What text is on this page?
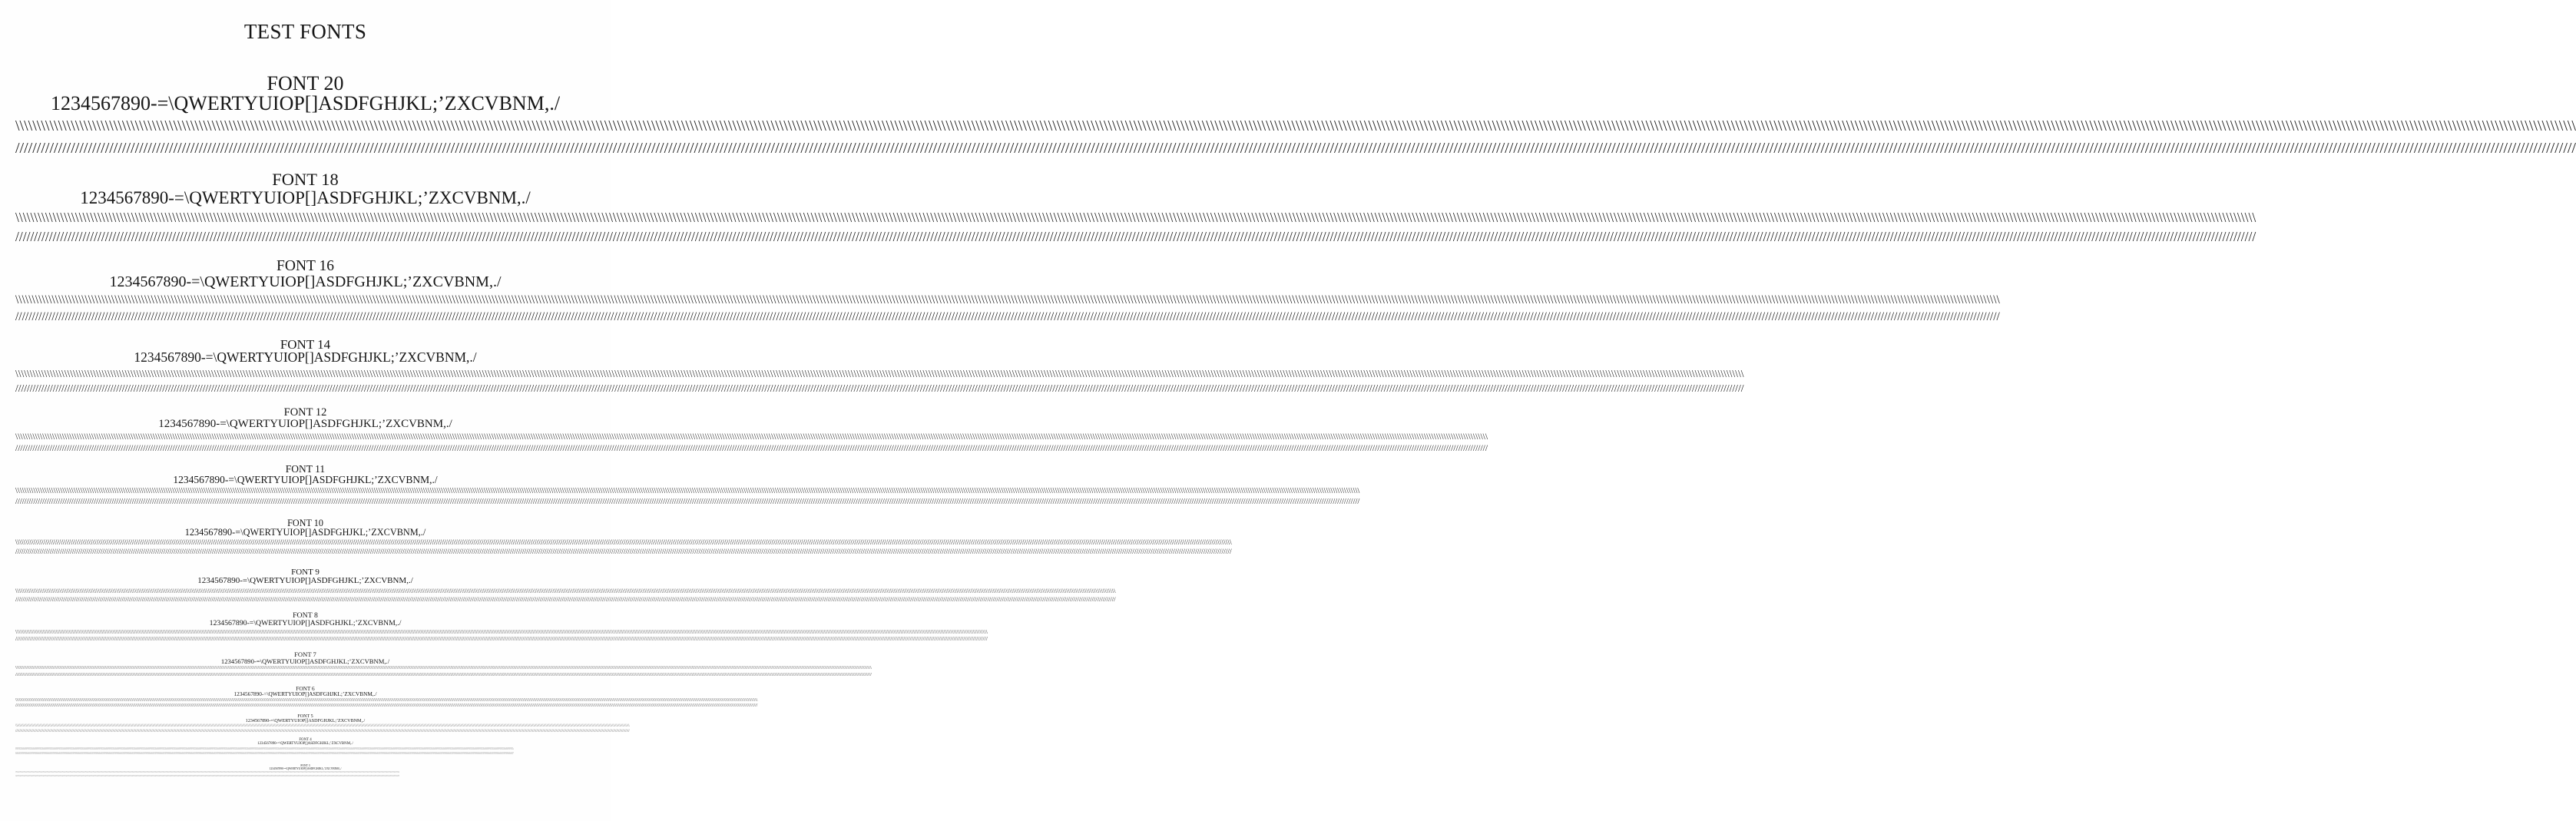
TEST FONTS
FONT 20
1234567890-=\QWERTYUIOP[]ASDFGHJKL;’ZXCVBNM,./
\\\\\\\\\\\\\\\\\\\\\\\\\\\\\\\\\\\\\\\\\\\\\\\\\\\\\\\\\\\\\\\\\\\\\\\\\\\\\\\\\\\\\\\\\\\\\\\\\\\\\\\\\\\\\\\\\\\\\\\\\\\\\\\\\\\\\\\\\\\\\\\\\\\\\\\\\\\\\\\\\\\\\\\\\\\\\\\\\\\\\\\\\\\\\\\\\\\\\\\\\\\\\\\\\\\\\\\\\\\\\\\\\\\\\\\\\\\\\\\\\\\\\\\\\\\\\\\\\\\\\\\\\\\\\\\\\\\\\\\\\\\\\\\\\\\\\\\\\\\\\\\\\\\\\\\\\\\\\\\\\\\\\\\\\\\\\\\\\\\\\\\\\\\\\\\\\\\\\\\\\\\\\\\\\\\\\\\\\\\\\\\\\\\\\\\\\\\\\\\\\\\\\\\\\\\\\\\\\\\\\\\\\\\\\\\\\\\\\\\\\\\\\\\\\\\\\\\\\\\\\\\\\\\\\\\\\\\\\\\\\\\\\\\\\\\\\\\\\\\\\\\\\\\\\\\\\\\\\\\\\\\\\\\\\\\\\\\\\\\\\\\\\\\\\\\\\\\\\\\\\\\\\\\\\\\\\\\\\\\\\\\\\\\\\\\\\\\\\\\\
////////////////////////////////////////////////////////////////////////////////////////////////////////////////////////////////////////////////////////////////////////////////////////////////////////////////////////////////////////////////////////////////////////////////////////////////////////////////////////////////////////////////////////////////////////////////////////////////////////////////////////////////////////////////////////////////////////////////////////////////////////////////////////////////////////////////////////////////////////////////////////////////////////////////////////
FONT 18
1234567890-=\QWERTYUIOP[]ASDFGHJKL;’ZXCVBNM,./
\\\\\\\\\\\\\\\\\\\\\\\\\\\\\\\\\\\\\\\\\\\\\\\\\\\\\\\\\\\\\\\\\\\\\\\\\\\\\\\\\\\\\\\\\\\\\\\\\\\\\\\\\\\\\\\\\\\\\\\\\\\\\\\\\\\\\\\\\\\\\\\\\\\\\\\\\\\\\\\\\\\\\\\\\\\\\\\\\\\\\\\\\\\\\\\\\\\\\\\\\\\\\\\\\\\\\\\\\\\\\\\\\\\\\\\\\\\\\\\\\\\\\\\\\\\\\\\\\\\\\\\\\\\\\\\\\\\\\\\\\\\\\\\\\\\\\\\\\\\\\\\\\\\\\\\\\\\\\\\\\\\\\\\\\\\\\\\\\\\\\\\\\\\\\\\\\\\\\\\\\\\\\\\\\\\\\\\\\\\\\\\\\\\\\\\\\\\\\\\\\\\\\\\\\\\\\\\\\\\\\\\\\\\\\\\\\\\\\\\\\\\\\\\\\\\\\\\\\\\\\\\\\\\\\\\\\\\\\\\\\\\\\\\\\\\\\\\\\\\\\\\\\\\\\\\\\\\\\\\\\\\\\\\\\\\\\\\\\\\\\\\\\\\\\\\\\\\\\\\\\\\\\\\\\\\\\\\\\\\\\\\\\\\\\\\\\\\\\\\\
////////////////////////////////////////////////////////////////////////////////////////////////////////////////////////////////////////////////////////////////////////////////////////////////////////////////////////////////////////////////////////////////////////////////////////////////////////////////////////////////////////////////////////////////////////////////////////////////////////////////////////////////////////////////////////////////////////////////////////////////////////////////////////////////////////////////////////////////////////////////////////////////////////////////////////
FONT 16
1234567890-=\QWERTYUIOP[]ASDFGHJKL;’ZXCVBNM,./
\\\\\\\\\\\\\\\\\\\\\\\\\\\\\\\\\\\\\\\\\\\\\\\\\\\\\\\\\\\\\\\\\\\\\\\\\\\\\\\\\\\\\\\\\\\\\\\\\\\\\\\\\\\\\\\\\\\\\\\\\\\\\\\\\\\\\\\\\\\\\\\\\\\\\\\\\\\\\\\\\\\\\\\\\\\\\\\\\\\\\\\\\\\\\\\\\\\\\\\\\\\\\\\\\\\\\\\\\\\\\\\\\\\\\\\\\\\\\\\\\\\\\\\\\\\\\\\\\\\\\\\\\\\\\\\\\\\\\\\\\\\\\\\\\\\\\\\\\\\\\\\\\\\\\\\\\\\\\\\\\\\\\\\\\\\\\\\\\\\\\\\\\\\\\\\\\\\\\\\\\\\\\\\\\\\\\\\\\\\\\\\\\\\\\\\\\\\\\\\\\\\\\\\\\\\\\\\\\\\\\\\\\\\\\\\\\\\\\\\\\\\\\\\\\\\\\\\\\\\\\\\\\\\\\\\\\\\\\\\\\\\\\\\\\\\\\\\\\\\\\\\\\\\\\\\\\\\\\\\\\\\\\\\\\\\\\\\\\\\\\\\\\\\\\\\\\\\\\\\\\\\\\\\\\\\\\\\\\\\\\\\\\\\\\\\\\\\\\\\\
////////////////////////////////////////////////////////////////////////////////////////////////////////////////////////////////////////////////////////////////////////////////////////////////////////////////////////////////////////////////////////////////////////////////////////////////////////////////////////////////////////////////////////////////////////////////////////////////////////////////////////////////////////////////////////////////////////////////////////////////////////////////////////////////////////////////////////////////////////////////////////////////////////////////////////
FONT 14
1234567890-=\QWERTYUIOP[]ASDFGHJKL;’ZXCVBNM,./
\\\\\\\\\\\\\\\\\\\\\\\\\\\\\\\\\\\\\\\\\\\\\\\\\\\\\\\\\\\\\\\\\\\\\\\\\\\\\\\\\\\\\\\\\\\\\\\\\\\\\\\\\\\\\\\\\\\\\\\\\\\\\\\\\\\\\\\\\\\\\\\\\\\\\\\\\\\\\\\\\\\\\\\\\\\\\\\\\\\\\\\\\\\\\\\\\\\\\\\\\\\\\\\\\\\\\\\\\\\\\\\\\\\\\\\\\\\\\\\\\\\\\\\\\\\\\\\\\\\\\\\\\\\\\\\\\\\\\\\\\\\\\\\\\\\\\\\\\\\\\\\\\\\\\\\\\\\\\\\\\\\\\\\\\\\\\\\\\\\\\\\\\\\\\\\\\\\\\\\\\\\\\\\\\\\\\\\\\\\\\\\\\\\\\\\\\\\\\\\\\\\\\\\\\\\\\\\\\\\\\\\\\\\\\\\\\\\\\\\\\\\\\\\\\\\\\\\\\\\\\\\\\\\\\\\\\\\\\\\\\\\\\\\\\\\\\\\\\\\\\\\\\\\\\\\\\\\\\\\\\\\\\\\\\\\\\\\\\\\\\\\\\\\\\\\\\\\\\\\\\\\\\\\\\\\\\\\\\\\\\\\\\\\\\\\\\\\\\\\\
////////////////////////////////////////////////////////////////////////////////////////////////////////////////////////////////////////////////////////////////////////////////////////////////////////////////////////////////////////////////////////////////////////////////////////////////////////////////////////////////////////////////////////////////////////////////////////////////////////////////////////////////////////////////////////////////////////////////////////////////////////////////////////////////////////////////////////////////////////////////////////////////////////////////////////
FONT 12
1234567890-=\QWERTYUIOP[]ASDFGHJKL;’ZXCVBNM,./
\\\\\\\\\\\\\\\\\\\\\\\\\\\\\\\\\\\\\\\\\\\\\\\\\\\\\\\\\\\\\\\\\\\\\\\\\\\\\\\\\\\\\\\\\\\\\\\\\\\\\\\\\\\\\\\\\\\\\\\\\\\\\\\\\\\\\\\\\\\\\\\\\\\\\\\\\\\\\\\\\\\\\\\\\\\\\\\\\\\\\\\\\\\\\\\\\\\\\\\\\\\\\\\\\\\\\\\\\\\\\\\\\\\\\\\\\\\\\\\\\\\\\\\\\\\\\\\\\\\\\\\\\\\\\\\\\\\\\\\\\\\\\\\\\\\\\\\\\\\\\\\\\\\\\\\\\\\\\\\\\\\\\\\\\\\\\\\\\\\\\\\\\\\\\\\\\\\\\\\\\\\\\\\\\\\\\\\\\\\\\\\\\\\\\\\\\\\\\\\\\\\\\\\\\\\\\\\\\\\\\\\\\\\\\\\\\\\\\\\\\\\\\\\\\\\\\\\\\\\\\\\\\\\\\\\\\\\\\\\\\\\\\\\\\\\\\\\\\\\\\\\\\\\\\\\\\\\\\\\\\\\\\\\\\\\\\\\\\\\\\\\\\\\\\\\\\\\\\\\\\\\\\\\\\\\\\\\\\\\\\\\\\\\\\\\\\\\\\\\\
////////////////////////////////////////////////////////////////////////////////////////////////////////////////////////////////////////////////////////////////////////////////////////////////////////////////////////////////////////////////////////////////////////////////////////////////////////////////////////////////////////////////////////////////////////////////////////////////////////////////////////////////////////////////////////////////////////////////////////////////////////////////////////////////////////////////////////////////////////////////////////////////////////////////////////
FONT 11
1234567890-=\QWERTYUIOP[]ASDFGHJKL;’ZXCVBNM,./
\\\\\\\\\\\\\\\\\\\\\\\\\\\\\\\\\\\\\\\\\\\\\\\\\\\\\\\\\\\\\\\\\\\\\\\\\\\\\\\\\\\\\\\\\\\\\\\\\\\\\\\\\\\\\\\\\\\\\\\\\\\\\\\\\\\\\\\\\\\\\\\\\\\\\\\\\\\\\\\\\\\\\\\\\\\\\\\\\\\\\\\\\\\\\\\\\\\\\\\\\\\\\\\\\\\\\\\\\\\\\\\\\\\\\\\\\\\\\\\\\\\\\\\\\\\\\\\\\\\\\\\\\\\\\\\\\\\\\\\\\\\\\\\\\\\\\\\\\\\\\\\\\\\\\\\\\\\\\\\\\\\\\\\\\\\\\\\\\\\\\\\\\\\\\\\\\\\\\\\\\\\\\\\\\\\\\\\\\\\\\\\\\\\\\\\\\\\\\\\\\\\\\\\\\\\\\\\\\\\\\\\\\\\\\\\\\\\\\\\\\\\\\\\\\\\\\\\\\\\\\\\\\\\\\\\\\\\\\\\\\\\\\\\\\\\\\\\\\\\\\\\\\\\\\\\\\\\\\\\\\\\\\\\\\\\\\\\\\\\\\\\\\\\\\\\\\\\\\\\\\\\\\\\\\\\\\\\\\\\\\\\\\\\\\\\\\\\\\\\\
////////////////////////////////////////////////////////////////////////////////////////////////////////////////////////////////////////////////////////////////////////////////////////////////////////////////////////////////////////////////////////////////////////////////////////////////////////////////////////////////////////////////////////////////////////////////////////////////////////////////////////////////////////////////////////////////////////////////////////////////////////////////////////////////////////////////////////////////////////////////////////////////////////////////////////
FONT 10
1234567890-=\QWERTYUIOP[]ASDFGHJKL;’ZXCVBNM,./
\\\\\\\\\\\\\\\\\\\\\\\\\\\\\\\\\\\\\\\\\\\\\\\\\\\\\\\\\\\\\\\\\\\\\\\\\\\\\\\\\\\\\\\\\\\\\\\\\\\\\\\\\\\\\\\\\\\\\\\\\\\\\\\\\\\\\\\\\\\\\\\\\\\\\\\\\\\\\\\\\\\\\\\\\\\\\\\\\\\\\\\\\\\\\\\\\\\\\\\\\\\\\\\\\\\\\\\\\\\\\\\\\\\\\\\\\\\\\\\\\\\\\\\\\\\\\\\\\\\\\\\\\\\\\\\\\\\\\\\\\\\\\\\\\\\\\\\\\\\\\\\\\\\\\\\\\\\\\\\\\\\\\\\\\\\\\\\\\\\\\\\\\\\\\\\\\\\\\\\\\\\\\\\\\\\\\\\\\\\\\\\\\\\\\\\\\\\\\\\\\\\\\\\\\\\\\\\\\\\\\\\\\\\\\\\\\\\\\\\\\\\\\\\\\\\\\\\\\\\\\\\\\\\\\\\\\\\\\\\\\\\\\\\\\\\\\\\\\\\\\\\\\\\\\\\\\\\\\\\\\\\\\\\\\\\\\\\\\\\\\\\\\\\\\\\\\\\\\\\\\\\\\\\\\\\\\\\\\\\\\\\\\\\\\\\\\\\\\\\\
////////////////////////////////////////////////////////////////////////////////////////////////////////////////////////////////////////////////////////////////////////////////////////////////////////////////////////////////////////////////////////////////////////////////////////////////////////////////////////////////////////////////////////////////////////////////////////////////////////////////////////////////////////////////////////////////////////////////////////////////////////////////////////////////////////////////////////////////////////////////////////////////////////////////////////
FONT 9
1234567890-=\QWERTYUIOP[]ASDFGHJKL;’ZXCVBNM,./
\\\\\\\\\\\\\\\\\\\\\\\\\\\\\\\\\\\\\\\\\\\\\\\\\\\\\\\\\\\\\\\\\\\\\\\\\\\\\\\\\\\\\\\\\\\\\\\\\\\\\\\\\\\\\\\\\\\\\\\\\\\\\\\\\\\\\\\\\\\\\\\\\\\\\\\\\\\\\\\\\\\\\\\\\\\\\\\\\\\\\\\\\\\\\\\\\\\\\\\\\\\\\\\\\\\\\\\\\\\\\\\\\\\\\\\\\\\\\\\\\\\\\\\\\\\\\\\\\\\\\\\\\\\\\\\\\\\\\\\\\\\\\\\\\\\\\\\\\\\\\\\\\\\\\\\\\\\\\\\\\\\\\\\\\\\\\\\\\\\\\\\\\\\\\\\\\\\\\\\\\\\\\\\\\\\\\\\\\\\\\\\\\\\\\\\\\\\\\\\\\\\\\\\\\\\\\\\\\\\\\\\\\\\\\\\\\\\\\\\\\\\\\\\\\\\\\\\\\\\\\\\\\\\\\\\\\\\\\\\\\\\\\\\\\\\\\\\\\\\\\\\\\\\\\\\\\\\\\\\\\\\\\\\\\\\\\\\\\\\\\\\\\\\\\\\\\\\\\\\\\\\\\\\\\\\\\\\\\\\\\\\\\\\\\\\\\\\\\\\\
////////////////////////////////////////////////////////////////////////////////////////////////////////////////////////////////////////////////////////////////////////////////////////////////////////////////////////////////////////////////////////////////////////////////////////////////////////////////////////////////////////////////////////////////////////////////////////////////////////////////////////////////////////////////////////////////////////////////////////////////////////////////////////////////////////////////////////////////////////////////////////////////////////////////////////
FONT 8
1234567890-=\QWERTYUIOP[]ASDFGHJKL;’ZXCVBNM,./
\\\\\\\\\\\\\\\\\\\\\\\\\\\\\\\\\\\\\\\\\\\\\\\\\\\\\\\\\\\\\\\\\\\\\\\\\\\\\\\\\\\\\\\\\\\\\\\\\\\\\\\\\\\\\\\\\\\\\\\\\\\\\\\\\\\\\\\\\\\\\\\\\\\\\\\\\\\\\\\\\\\\\\\\\\\\\\\\\\\\\\\\\\\\\\\\\\\\\\\\\\\\\\\\\\\\\\\\\\\\\\\\\\\\\\\\\\\\\\\\\\\\\\\\\\\\\\\\\\\\\\\\\\\\\\\\\\\\\\\\\\\\\\\\\\\\\\\\\\\\\\\\\\\\\\\\\\\\\\\\\\\\\\\\\\\\\\\\\\\\\\\\\\\\\\\\\\\\\\\\\\\\\\\\\\\\\\\\\\\\\\\\\\\\\\\\\\\\\\\\\\\\\\\\\\\\\\\\\\\\\\\\\\\\\\\\\\\\\\\\\\\\\\\\\\\\\\\\\\\\\\\\\\\\\\\\\\\\\\\\\\\\\\\\\\\\\\\\\\\\\\\\\\\\\\\\\\\\\\\\\\\\\\\\\\\\\\\\\\\\\\\\\\\\\\\\\\\\\\\\\\\\\\\\\\\\\\\\\\\\\\\\\\\\\\\\\\\\\\\\
////////////////////////////////////////////////////////////////////////////////////////////////////////////////////////////////////////////////////////////////////////////////////////////////////////////////////////////////////////////////////////////////////////////////////////////////////////////////////////////////////////////////////////////////////////////////////////////////////////////////////////////////////////////////////////////////////////////////////////////////////////////////////////////////////////////////////////////////////////////////////////////////////////////////////////
FONT 7
1234567890-=\QWERTYUIOP[]ASDFGHJKL;’ZXCVBNM,./
\\\\\\\\\\\\\\\\\\\\\\\\\\\\\\\\\\\\\\\\\\\\\\\\\\\\\\\\\\\\\\\\\\\\\\\\\\\\\\\\\\\\\\\\\\\\\\\\\\\\\\\\\\\\\\\\\\\\\\\\\\\\\\\\\\\\\\\\\\\\\\\\\\\\\\\\\\\\\\\\\\\\\\\\\\\\\\\\\\\\\\\\\\\\\\\\\\\\\\\\\\\\\\\\\\\\\\\\\\\\\\\\\\\\\\\\\\\\\\\\\\\\\\\\\\\\\\\\\\\\\\\\\\\\\\\\\\\\\\\\\\\\\\\\\\\\\\\\\\\\\\\\\\\\\\\\\\\\\\\\\\\\\\\\\\\\\\\\\\\\\\\\\\\\\\\\\\\\\\\\\\\\\\\\\\\\\\\\\\\\\\\\\\\\\\\\\\\\\\\\\\\\\\\\\\\\\\\\\\\\\\\\\\\\\\\\\\\\\\\\\\\\\\\\\\\\\\\\\\\\\\\\\\\\\\\\\\\\\\\\\\\\\\\\\\\\\\\\\\\\\\\\\\\\\\\\\\\\\\\\\\\\\\\\\\\\\\\\\\\\\\\\\\\\\\\\\\\\\\\\\\\\\\\\\\\\\\\\\\\\\\\\\\\\\\\\\\\\\\\\
////////////////////////////////////////////////////////////////////////////////////////////////////////////////////////////////////////////////////////////////////////////////////////////////////////////////////////////////////////////////////////////////////////////////////////////////////////////////////////////////////////////////////////////////////////////////////////////////////////////////////////////////////////////////////////////////////////////////////////////////////////////////////////////////////////////////////////////////////////////////////////////////////////////////////////
FONT 6
1234567890-=\QWERTYUIOP[]ASDFGHJKL;’ZXCVBNM,./
\\\\\\\\\\\\\\\\\\\\\\\\\\\\\\\\\\\\\\\\\\\\\\\\\\\\\\\\\\\\\\\\\\\\\\\\\\\\\\\\\\\\\\\\\\\\\\\\\\\\\\\\\\\\\\\\\\\\\\\\\\\\\\\\\\\\\\\\\\\\\\\\\\\\\\\\\\\\\\\\\\\\\\\\\\\\\\\\\\\\\\\\\\\\\\\\\\\\\\\\\\\\\\\\\\\\\\\\\\\\\\\\\\\\\\\\\\\\\\\\\\\\\\\\\\\\\\\\\\\\\\\\\\\\\\\\\\\\\\\\\\\\\\\\\\\\\\\\\\\\\\\\\\\\\\\\\\\\\\\\\\\\\\\\\\\\\\\\\\\\\\\\\\\\\\\\\\\\\\\\\\\\\\\\\\\\\\\\\\\\\\\\\\\\\\\\\\\\\\\\\\\\\\\\\\\\\\\\\\\\\\\\\\\\\\\\\\\\\\\\\\\\\\\\\\\\\\\\\\\\\\\\\\\\\\\\\\\\\\\\\\\\\\\\\\\\\\\\\\\\\\\\\\\\\\\\\\\\\\\\\\\\\\\\\\\\\\\\\\\\\\\\\\\\\\\\\\\\\\\\\\\\\\\\\\\\\\\\\\\\\\\\\\\\\\\\\\\\\\\\
////////////////////////////////////////////////////////////////////////////////////////////////////////////////////////////////////////////////////////////////////////////////////////////////////////////////////////////////////////////////////////////////////////////////////////////////////////////////////////////////////////////////////////////////////////////////////////////////////////////////////////////////////////////////////////////////////////////////////////////////////////////////////////////////////////////////////////////////////////////////////////////////////////////////////////
FONT 5
1234567890-=\QWERTYUIOP[]ASDFGHJKL;’ZXCVBNM,./
\\\\\\\\\\\\\\\\\\\\\\\\\\\\\\\\\\\\\\\\\\\\\\\\\\\\\\\\\\\\\\\\\\\\\\\\\\\\\\\\\\\\\\\\\\\\\\\\\\\\\\\\\\\\\\\\\\\\\\\\\\\\\\\\\\\\\\\\\\\\\\\\\\\\\\\\\\\\\\\\\\\\\\\\\\\\\\\\\\\\\\\\\\\\\\\\\\\\\\\\\\\\\\\\\\\\\\\\\\\\\\\\\\\\\\\\\\\\\\\\\\\\\\\\\\\\\\\\\\\\\\\\\\\\\\\\\\\\\\\\\\\\\\\\\\\\\\\\\\\\\\\\\\\\\\\\\\\\\\\\\\\\\\\\\\\\\\\\\\\\\\\\\\\\\\\\\\\\\\\\\\\\\\\\\\\\\\\\\\\\\\\\\\\\\\\\\\\\\\\\\\\\\\\\\\\\\\\\\\\\\\\\\\\\\\\\\\\\\\\\\\\\\\\\\\\\\\\\\\\\\\\\\\\\\\\\\\\\\\\\\\\\\\\\\\\\\\\\\\\\\\\\\\\\\\\\\\\\\\\\\\\\\\\\\\\\\\\\\\\\\\\\\\\\\\\\\\\\\\\\\\\\\\\\\\\\\\\\\\\\\\\\\\\\\\\\\\\\\\\\
////////////////////////////////////////////////////////////////////////////////////////////////////////////////////////////////////////////////////////////////////////////////////////////////////////////////////////////////////////////////////////////////////////////////////////////////////////////////////////////////////////////////////////////////////////////////////////////////////////////////////////////////////////////////////////////////////////////////////////////////////////////////////////////////////////////////////////////////////////////////////////////////////////////////////////
FONT 4
1234567890-=\QWERTYUIOP[]ASDFGHJKL;’ZXCVBNM,./
\\\\\\\\\\\\\\\\\\\\\\\\\\\\\\\\\\\\\\\\\\\\\\\\\\\\\\\\\\\\\\\\\\\\\\\\\\\\\\\\\\\\\\\\\\\\\\\\\\\\\\\\\\\\\\\\\\\\\\\\\\\\\\\\\\\\\\\\\\\\\\\\\\\\\\\\\\\\\\\\\\\\\\\\\\\\\\\\\\\\\\\\\\\\\\\\\\\\\\\\\\\\\\\\\\\\\\\\\\\\\\\\\\\\\\\\\\\\\\\\\\\\\\\\\\\\\\\\\\\\\\\\\\\\\\\\\\\\\\\\\\\\\\\\\\\\\\\\\\\\\\\\\\\\\\\\\\\\\\\\\\\\\\\\\\\\\\\\\\\\\\\\\\\\\\\\\\\\\\\\\\\\\\\\\\\\\\\\\\\\\\\\\\\\\\\\\\\\\\\\\\\\\\\\\\\\\\\\\\\\\\\\\\\\\\\\\\\\\\\\\\\\\\\\\\\\\\\\\\\\\\\\\\\\\\\\\\\\\\\\\\\\\\\\\\\\\\\\\\\\\\\\\\\\\\\\\\\\\\\\\\\\\\\\\\\\\\\\\\\\\\\\\\\\\\\\\\\\\\\\\\\\\\\\\\\\\\\\\\\\\\\\\\\\\\\\\\\\\\\\
////////////////////////////////////////////////////////////////////////////////////////////////////////////////////////////////////////////////////////////////////////////////////////////////////////////////////////////////////////////////////////////////////////////////////////////////////////////////////////////////////////////////////////////////////////////////////////////////////////////////////////////////////////////////////////////////////////////////////////////////////////////////////////////////////////////////////////////////////////////////////////////////////////////////////////
FONT 3
1234567890-=\QWERTYUIOP[]ASDFGHJKL;’ZXCVBNM,./
\\\\\\\\\\\\\\\\\\\\\\\\\\\\\\\\\\\\\\\\\\\\\\\\\\\\\\\\\\\\\\\\\\\\\\\\\\\\\\\\\\\\\\\\\\\\\\\\\\\\\\\\\\\\\\\\\\\\\\\\\\\\\\\\\\\\\\\\\\\\\\\\\\\\\\\\\\\\\\\\\\\\\\\\\\\\\\\\\\\\\\\\\\\\\\\\\\\\\\\\\\\\\\\\\\\\\\\\\\\\\\\\\\\\\\\\\\\\\\\\\\\\\\\\\\\\\\\\\\\\\\\\\\\\\\\\\\\\\\\\\\\\\\\\\\\\\\\\\\\\\\\\\\\\\\\\\\\\\\\\\\\\\\\\\\\\\\\\\\\\\\\\\\\\\\\\\\\\\\\\\\\\\\\\\\\\\\\\\\\\\\\\\\\\\\\\\\\\\\\\\\\\\\\\\\\\\\\\\\\\\\\\\\\\\\\\\\\\\\\\\\\\\\\\\\\\\\\\\\\\\\\\\\\\\\\\\\\\\\\\\\\\\\\\\\\\\\\\\\\\\\\\\\\\\\\\\\\\\\\\\\\\\\\\\\\\\\\\\\\\\\\\\\\\\\\\\\\\\\\\\\\\\\\\\\\\\\\\\\\\\\\\\\\\\\\\\\\\\\\\
////////////////////////////////////////////////////////////////////////////////////////////////////////////////////////////////////////////////////////////////////////////////////////////////////////////////////////////////////////////////////////////////////////////////////////////////////////////////////////////////////////////////////////////////////////////////////////////////////////////////////////////////////////////////////////////////////////////////////////////////////////////////////////////////////////////////////////////////////////////////////////////////////////////////////////
